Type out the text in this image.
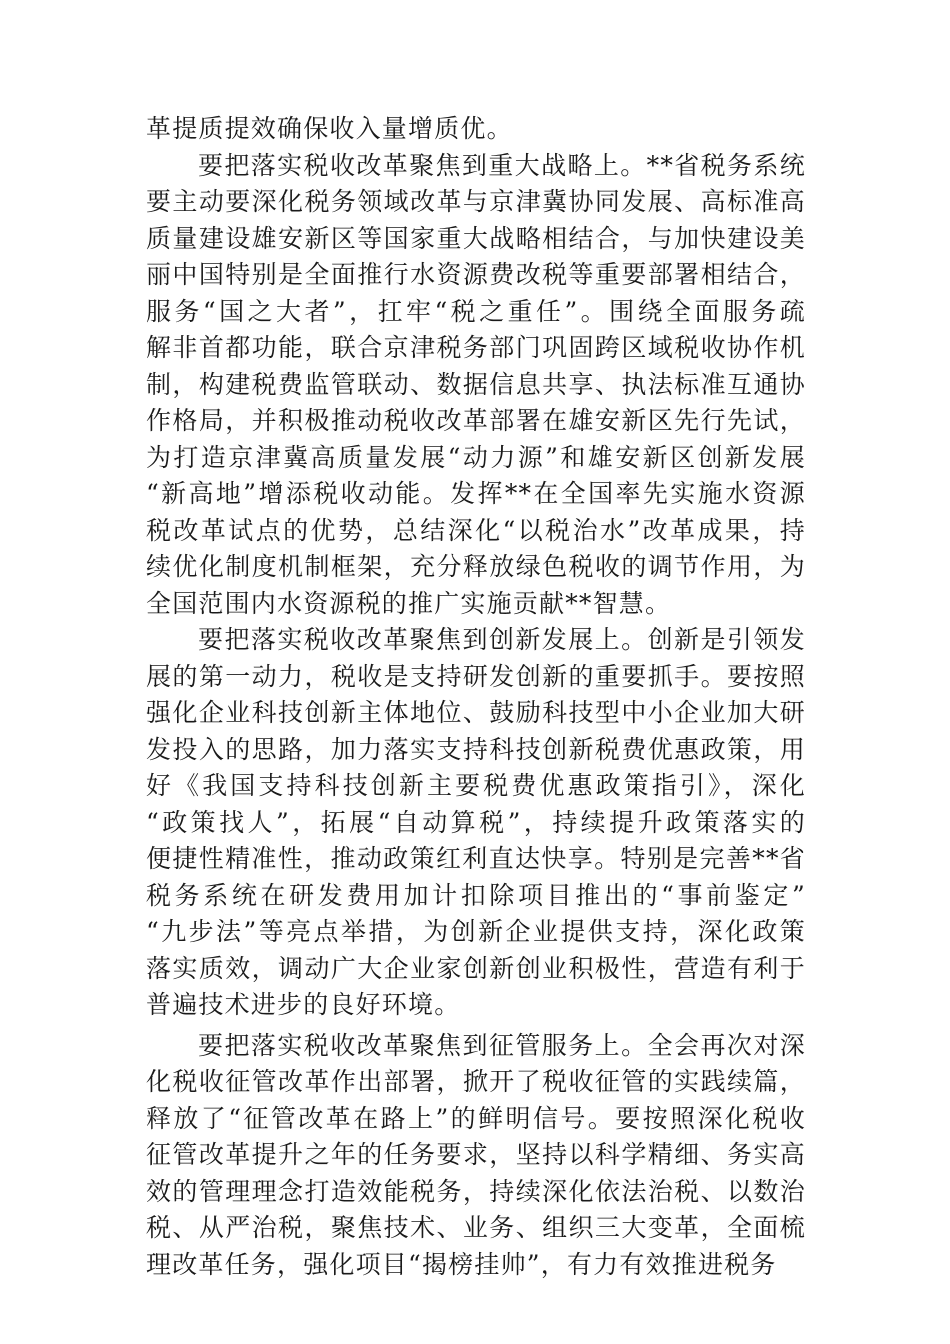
革提质提效确保收入量增质优。
要把落实税收改革聚焦到重大战略上。**省税务系统
要主动要深化税务领域改革与京津冀协同发展、高标准高
质量建设雄安新区等国家重大战略相结合，与加快建设美
丽中国特别是全面推行水资源费改税等重要部署相结合，
服务“国之大者”，扛牢“税之重任”。围绕全面服务疏
解非首都功能，联合京津税务部门巩固跨区域税收协作机
制，构建税费监管联动、数据信息共享、执法标准互通协
作格局，并积极推动税收改革部署在雄安新区先行先试，
为打造京津冀高质量发展“动力源”和雄安新区创新发展
“新高地”增添税收动能。发挥**在全国率先实施水资源
税改革试点的优势，总结深化“以税治水”改革成果，持
续优化制度机制框架，充分释放绿色税收的调节作用，为
全国范围内水资源税的推广实施贡献**智慧。
要把落实税收改革聚焦到创新发展上。创新是引领发
展的第一动力，税收是支持研发创新的重要抓手。要按照
强化企业科技创新主体地位、鼓励科技型中小企业加大研
发投入的思路，加力落实支持科技创新税费优惠政策，用
好《我国支持科技创新主要税费优惠政策指引》，深化
“政策找人”，拓展“自动算税”，持续提升政策落实的
便捷性精准性，推动政策红利直达快享。特别是完善**省
税务系统在研发费用加计扣除项目推出的“事前鉴定”
“九步法”等亮点举措，为创新企业提供支持，深化政策
落实质效，调动广大企业家创新创业积极性，营造有利于
普遍技术进步的良好环境。
要把落实税收改革聚焦到征管服务上。全会再次对深
化税收征管改革作出部署，掀开了税收征管的实践续篇，
释放了“征管改革在路上”的鲜明信号。要按照深化税收
征管改革提升之年的任务要求，坚持以科学精细、务实高
效的管理理念打造效能税务，持续深化依法治税、以数治
税、从严治税，聚焦技术、业务、组织三大变革，全面梳
理改革任务，强化项目“揭榜挂帅”，有力有效推进税务
